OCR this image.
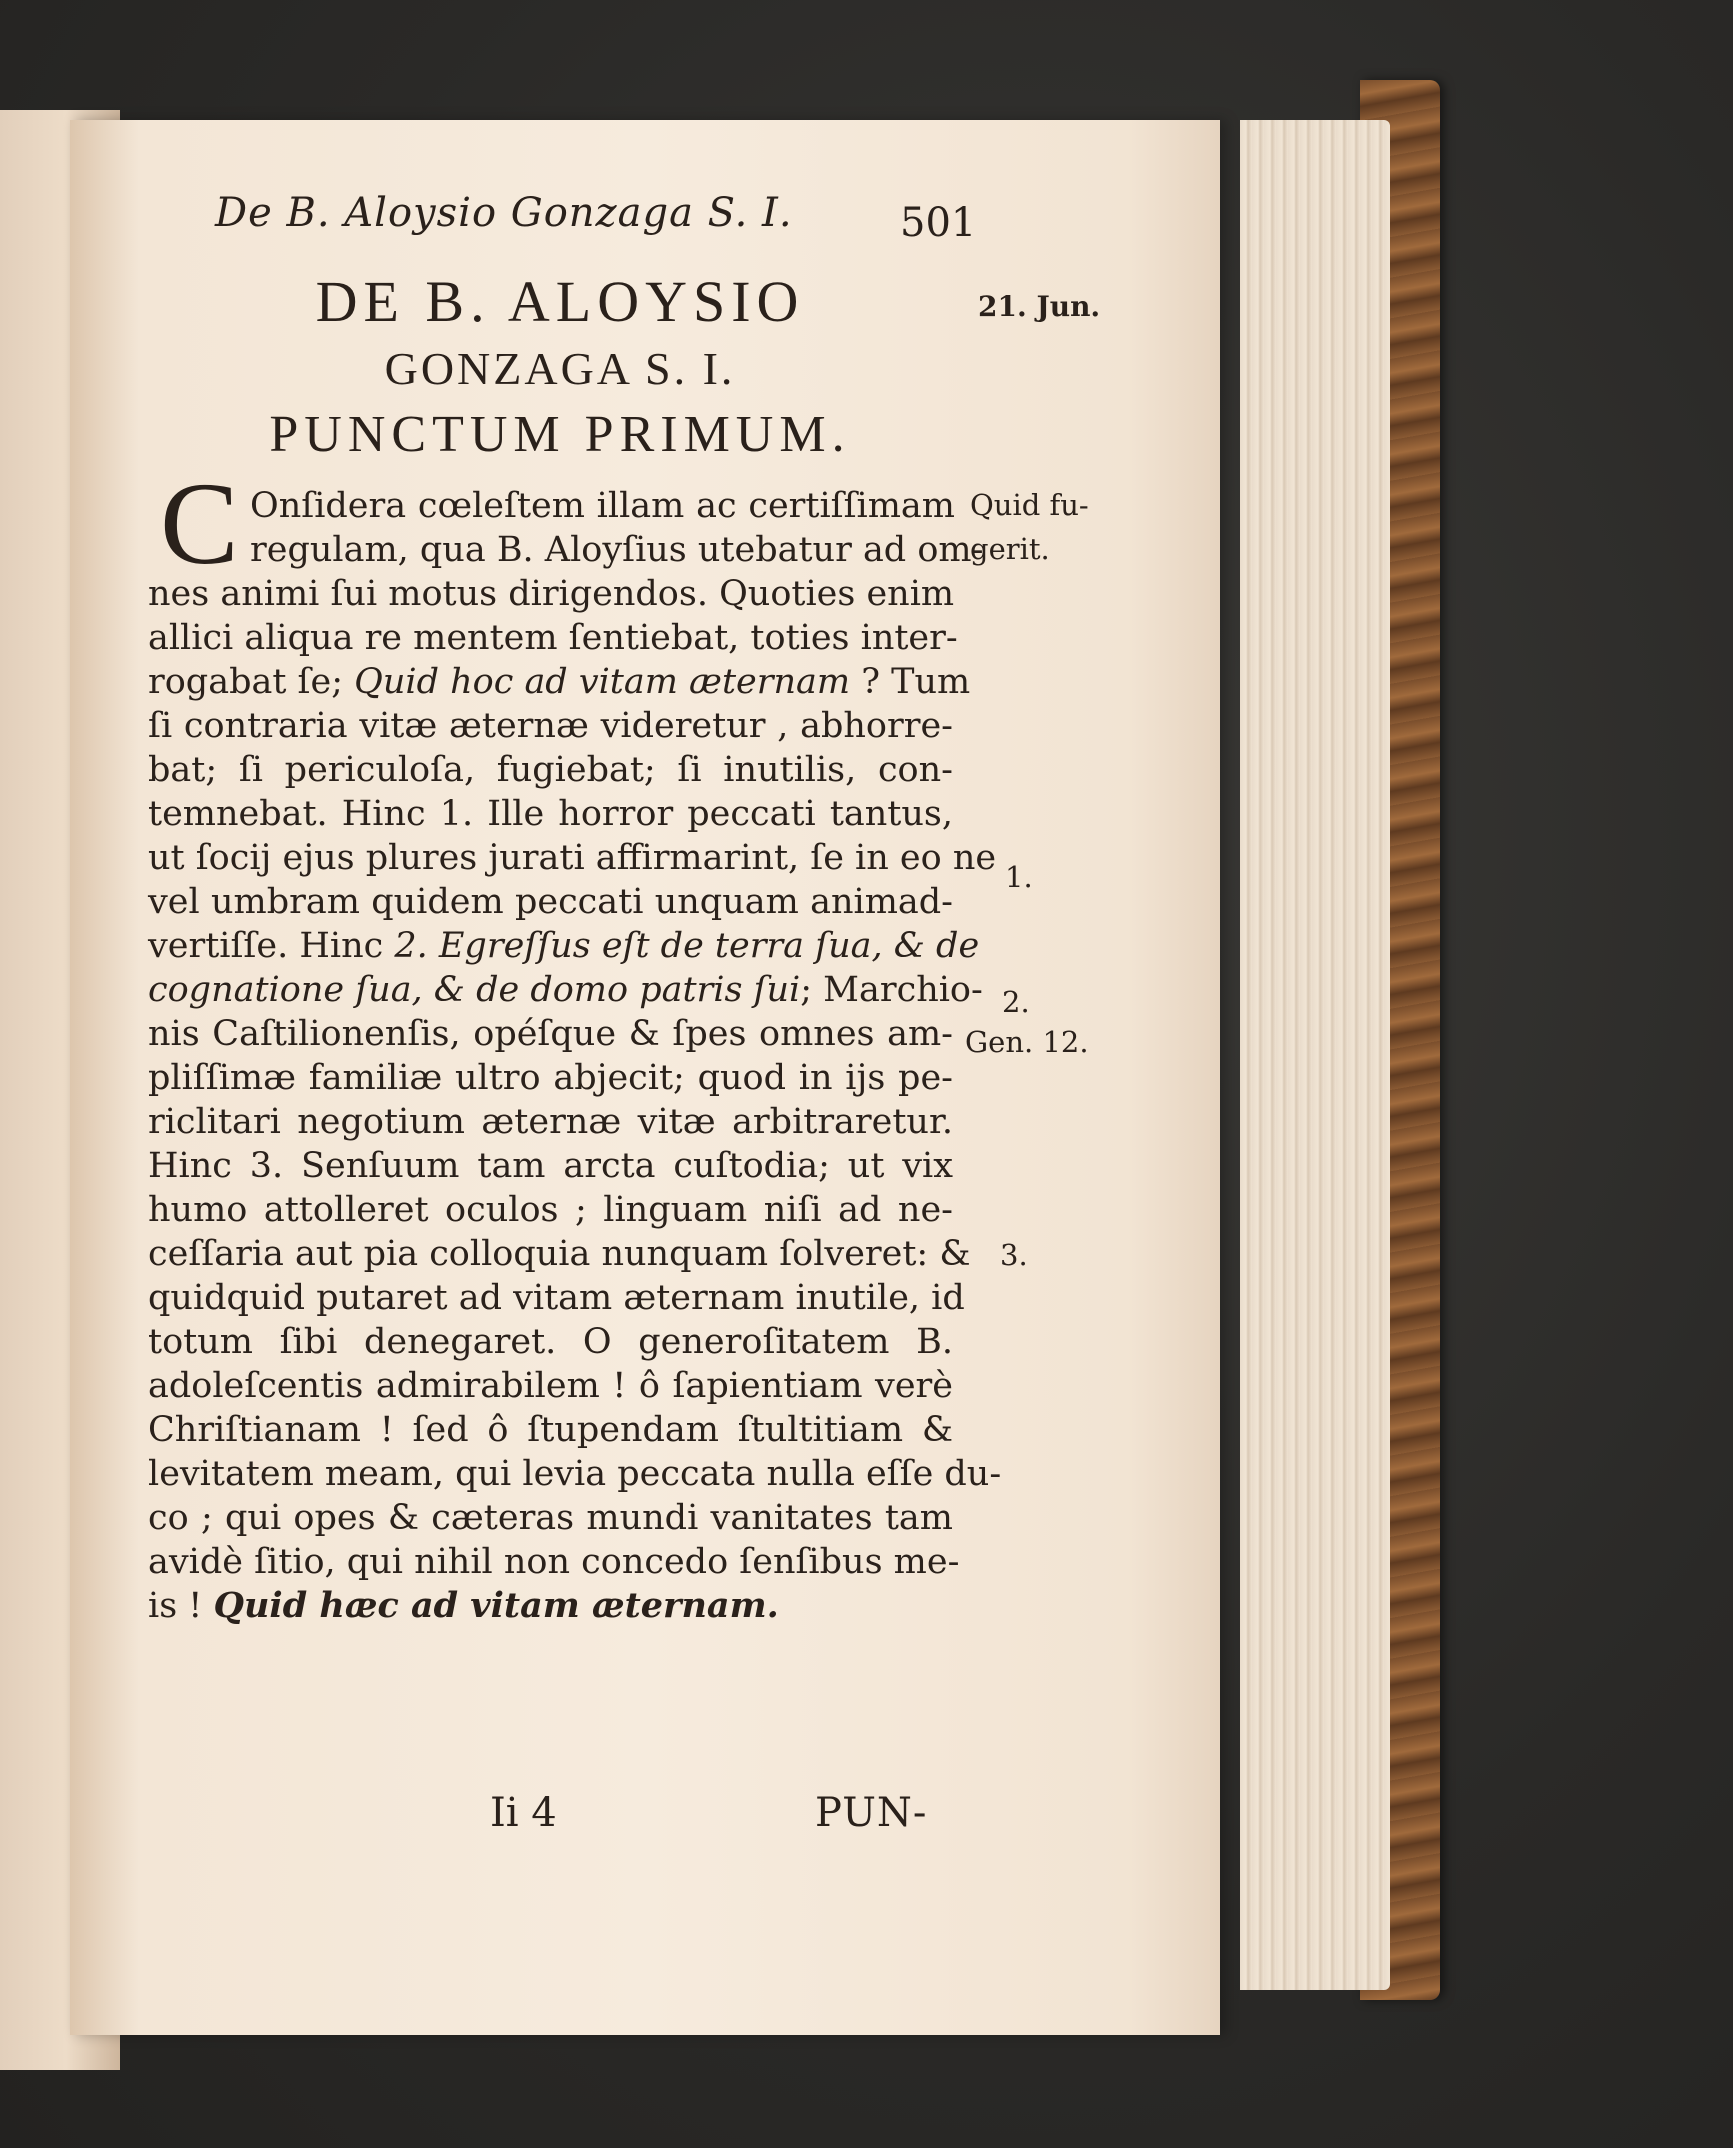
De B. Aloysio Gonzaga S. I.	501
21. Jun.
DE B. ALOYSIO
GONZAGA S. I.
PUNCTUM PRIMUM.
C Onſidera cœleſtem illam ac certiſſimam
regulam, qua B. Aloyſius utebatur ad om-
nes animi ſui motus dirigendos. Quoties enim
allici aliqua re mentem ſentiebat, toties inter-
rogabat ſe; Quid hoc ad vitam æternam ? Tum
ſi contraria vitæ æternæ videretur , abhorre-
bat; ſi periculoſa, fugiebat; ſi inutilis, con-
temnebat. Hinc 1. Ille horror peccati tantus,
ut ſocij ejus plures jurati affirmarint, ſe in eo ne
vel umbram quidem peccati unquam animad-
vertiſſe. Hinc 2. Egreſſus eſt de terra ſua, & de
cognatione ſua, & de domo patris ſui; Marchio-
nis Caſtilionenſis, opéſque & ſpes omnes am-
pliſſimæ familiæ ultro abjecit; quod in ijs pe-
riclitari negotium æternæ vitæ arbitraretur.
Hinc 3. Senſuum tam arcta cuſtodia; ut vix
humo attolleret oculos ; linguam niſi ad ne-
ceſſaria aut pia colloquia nunquam ſolveret: &
quidquid putaret ad vitam æternam inutile, id
totum ſibi denegaret. O generoſitatem B.
adoleſcentis admirabilem ! ô ſapientiam verè
Chriſtianam ! ſed ô ſtupendam ſtultitiam &
levitatem meam, qui levia peccata nulla eſſe du-
co ; qui opes & cæteras mundi vanitates tam
avidè ſitio, qui nihil non concedo ſenſibus me-
is ! Quid hæc ad vitam æternam.
Quid fu-
gerit.
1.
2.
Gen. 12.
3.
Ii 4	PUN-
